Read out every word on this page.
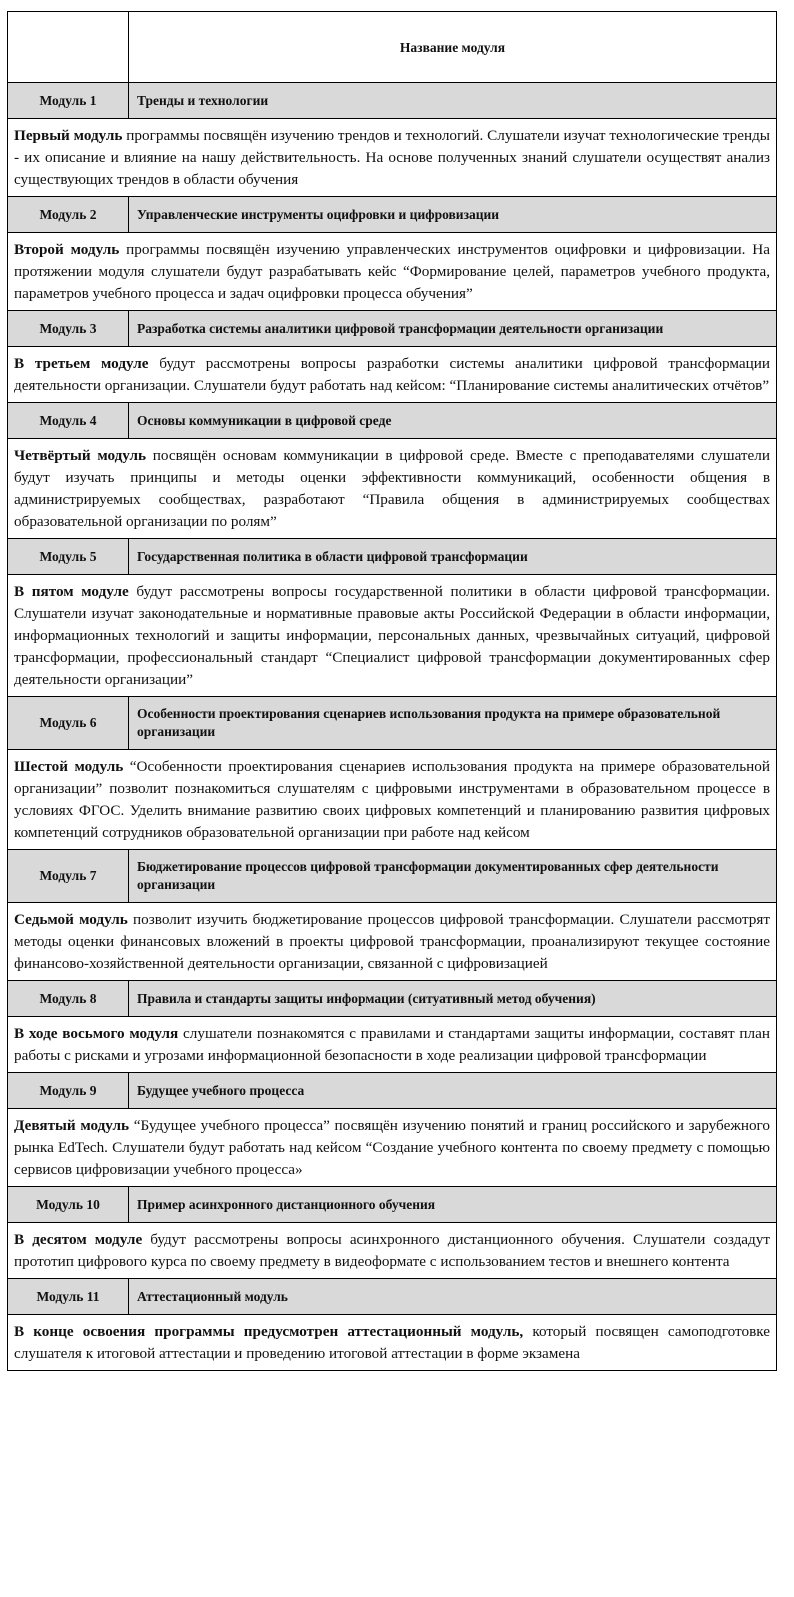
	Название модуля
Модуль 1	Тренды и технологии
Первый модуль программы посвящён изучению трендов и технологий. Слушатели изучат технологические тренды - их описание и влияние на нашу действительность. На основе полученных знаний слушатели осуществят анализ существующих трендов в области обучения	
Модуль 2	Управленческие инструменты оцифровки и цифровизации
Второй модуль программы посвящён изучению управленческих инструментов оцифровки и цифровизации. На протяжении модуля слушатели будут разрабатывать кейс “Формирование целей, параметров учебного продукта, параметров учебного процесса и задач оцифровки процесса обучения”	
Модуль 3	Разработка системы аналитики цифровой трансформации деятельности организации
В третьем модуле будут рассмотрены вопросы разработки системы аналитики цифровой трансформации деятельности организации. Слушатели будут работать над кейсом: “Планирование системы аналитических отчётов”	
Модуль 4	Основы коммуникации в цифровой среде
Четвёртый модуль посвящён основам коммуникации в цифровой среде. Вместе с преподавателями слушатели будут изучать принципы и методы оценки эффективности коммуникаций, особенности общения в администрируемых сообществах, разработают “Правила общения в администрируемых сообществах образовательной организации по ролям”	
Модуль 5	Государственная политика в области цифровой трансформации
В пятом модуле будут рассмотрены вопросы государственной политики в области цифровой трансформации. Слушатели изучат законодательные и нормативные правовые акты Российской Федерации в области информации, информационных технологий и защиты информации, персональных данных, чрезвычайных ситуаций, цифровой трансформации, профессиональный стандарт “Специалист цифровой трансформации документированных сфер деятельности организации”	
Модуль 6	Особенности проектирования сценариев использования продукта на примере образовательной организации
Шестой модуль “Особенности проектирования сценариев использования продукта на примере образовательной организации” позволит познакомиться слушателям с цифровыми инструментами в образовательном процессе в условиях ФГОС. Уделить внимание развитию своих цифровых компетенций и планированию развития цифровых компетенций сотрудников образовательной организации при работе над кейсом	
Модуль 7	Бюджетирование процессов цифровой трансформации документированных сфер деятельности организации
Седьмой модуль позволит изучить бюджетирование процессов цифровой трансформации. Слушатели рассмотрят методы оценки финансовых вложений в проекты цифровой трансформации, проанализируют текущее состояние финансово-хозяйственной деятельности организации, связанной с цифровизацией	
Модуль 8	Правила и стандарты защиты информации (ситуативный метод обучения)
В ходе восьмого модуля слушатели познакомятся с правилами и стандартами защиты информации, составят план работы с рисками и угрозами информационной безопасности в ходе реализации цифровой трансформации	
Модуль 9	Будущее учебного процесса
Девятый модуль “Будущее учебного процесса” посвящён изучению понятий и границ российского и зарубежного рынка EdTech. Слушатели будут работать над кейсом “Создание учебного контента по своему предмету с помощью сервисов цифровизации учебного процесса»	
Модуль 10	Пример асинхронного дистанционного обучения
В десятом модуле будут рассмотрены вопросы асинхронного дистанционного обучения. Слушатели создадут прототип цифрового курса по своему предмету в видеоформате с использованием тестов и внешнего контента	
Модуль 11	Аттестационный модуль
В конце освоения программы предусмотрен аттестационный модуль, который посвящен самоподготовке слушателя к итоговой аттестации и проведению итоговой аттестации в форме экзамена	
